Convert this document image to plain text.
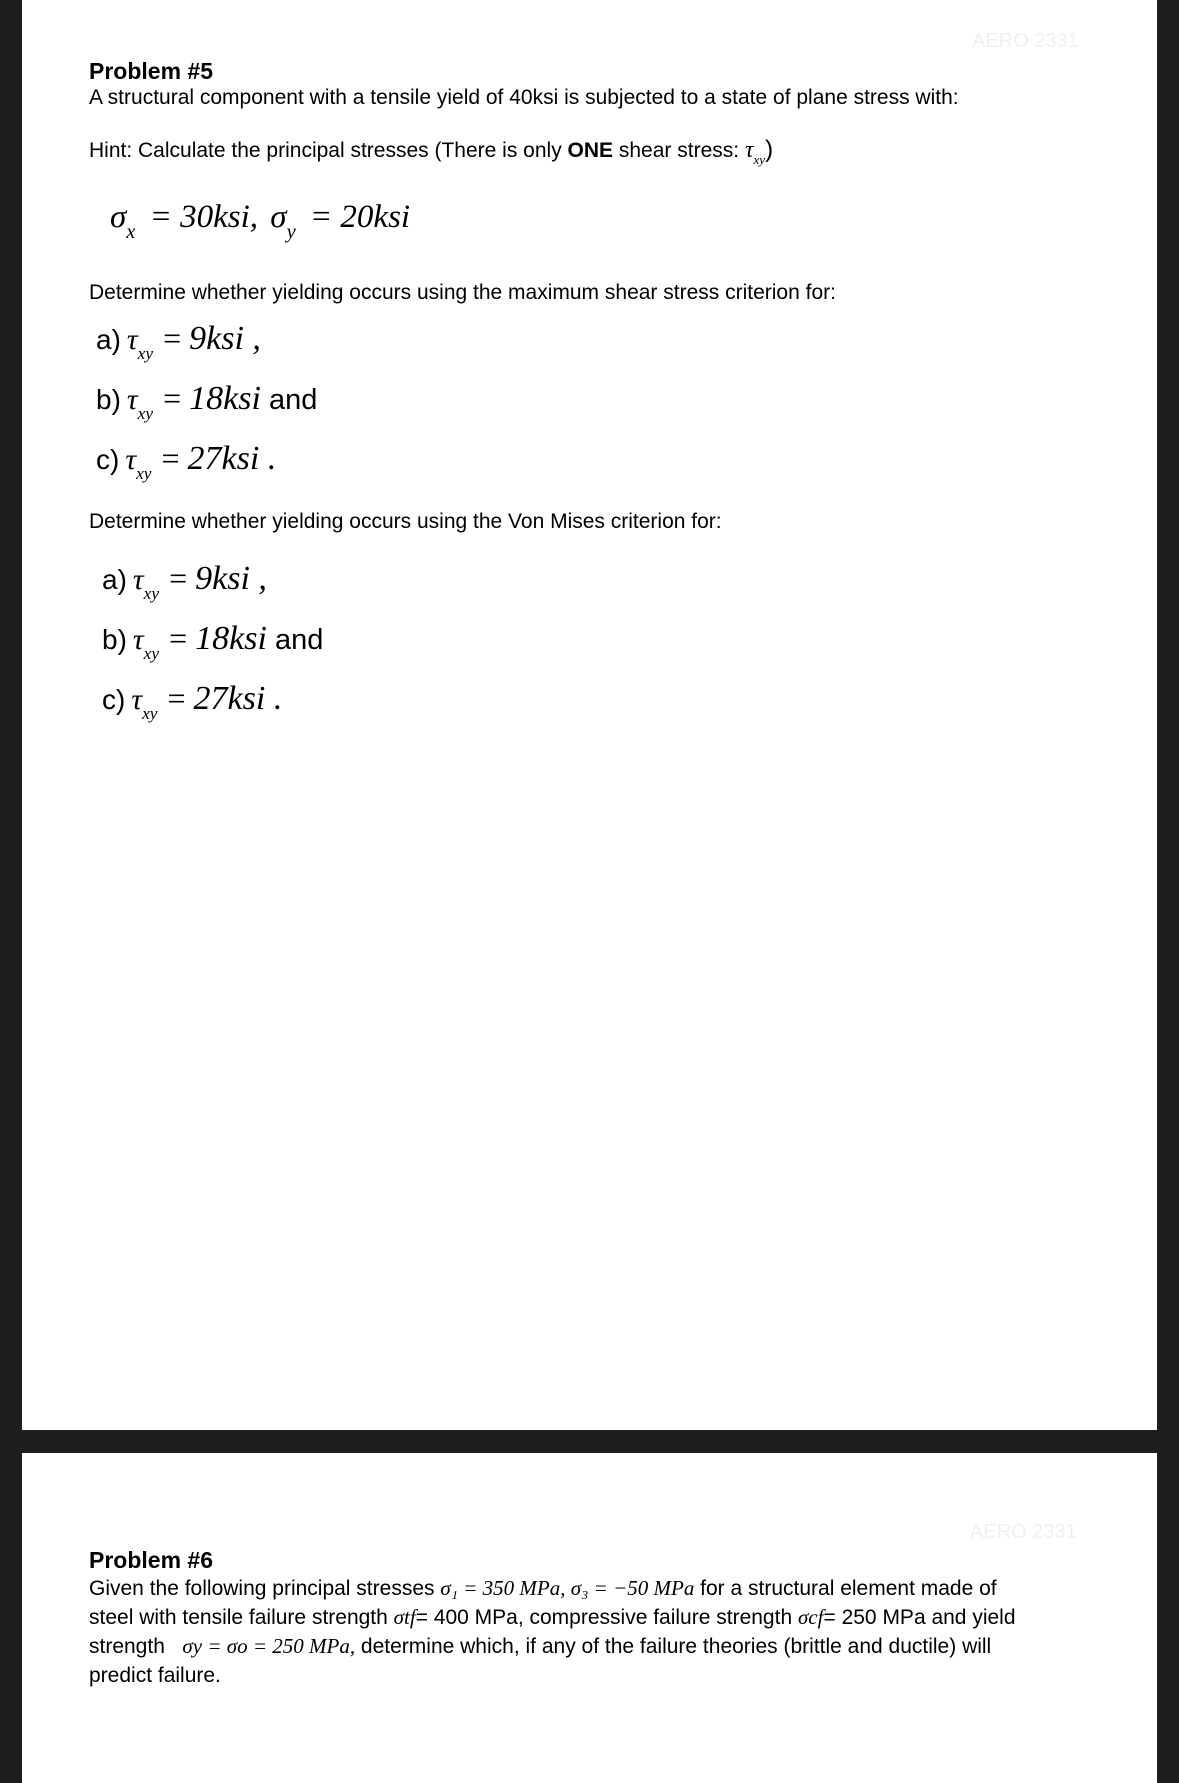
AERO 2331
Problem #5
A structural component with a tensile yield of 40ksi is subjected to a state of plane stress with:
Hint: Calculate the principal stresses (There is only ONE shear stress: $\tau_{xy}$)
$\sigma_x = 30ksi$, $\sigma_y = 20ksi$
Determine whether yielding occurs using the maximum shear stress criterion for:
a) $\tau_{xy} = 9ksi$ ,
b) $\tau_{xy} = 18ksi$ and
c) $\tau_{xy} = 27ksi$ .
Determine whether yielding occurs using the Von Mises criterion for:
a) $\tau_{xy} = 9ksi$ ,
b) $\tau_{xy} = 18ksi$ and
c) $\tau_{xy} = 27ksi$ .
AERO 2331
Problem #6
Given the following principal stresses σ₁ = 350 MPa, σ₃ = −50 MPa for a structural element made of
steel with tensile failure strength σtf= 400 MPa, compressive failure strength σcf= 250 MPa and yield
strength   σy = σo = 250 MPa, determine which, if any of the failure theories (brittle and ductile) will
predict failure.
